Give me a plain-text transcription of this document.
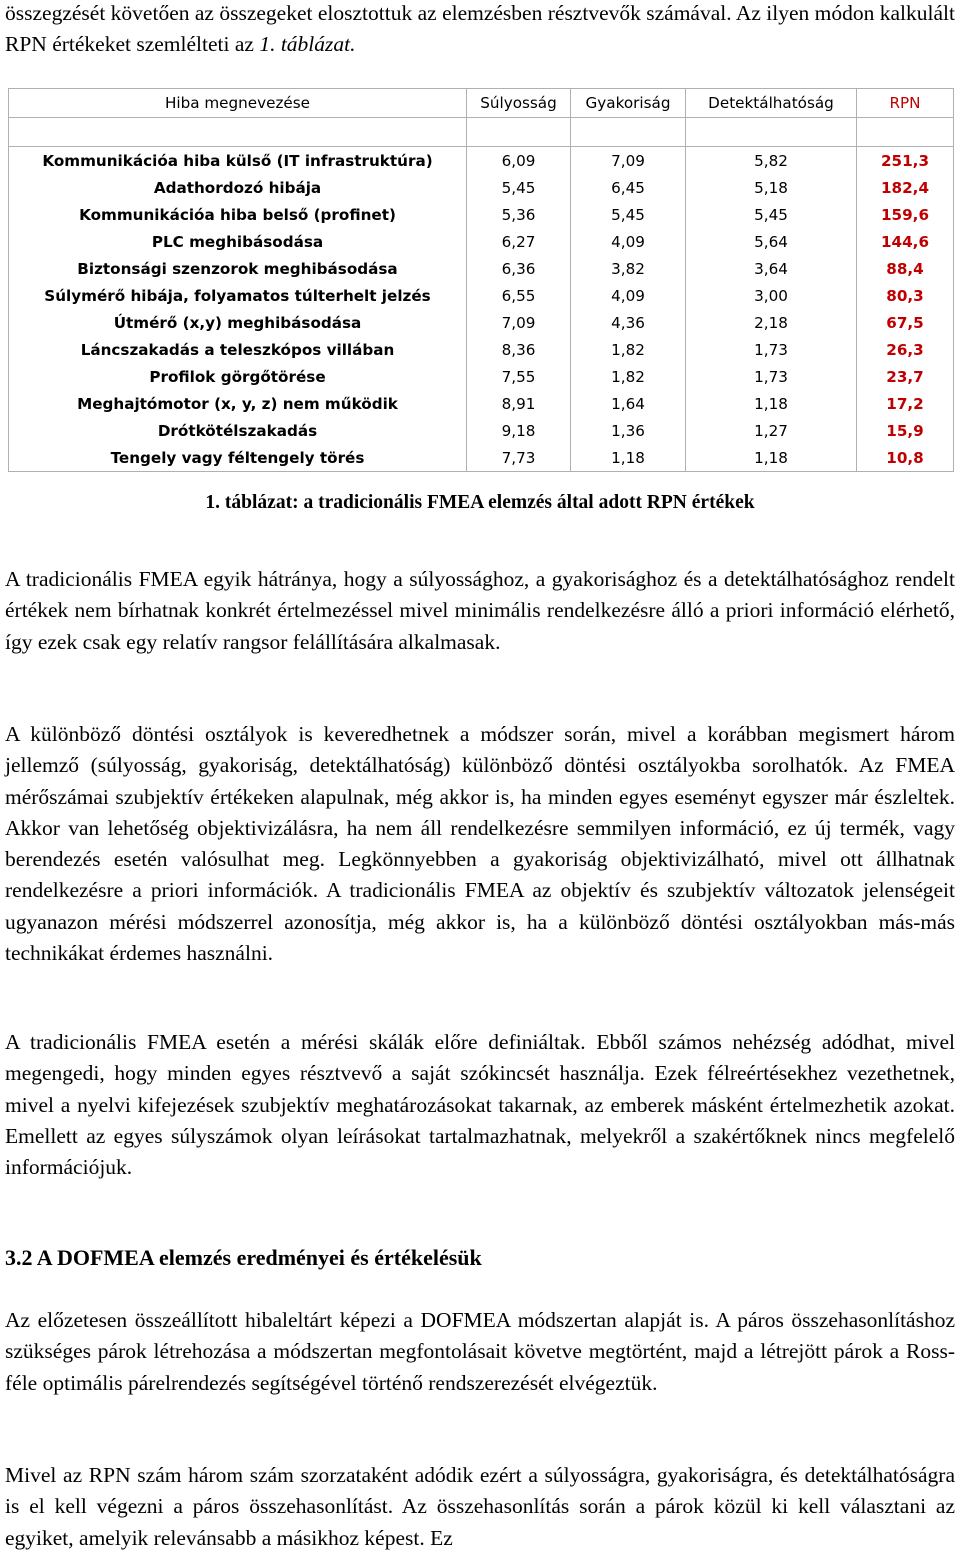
összegzését követően az összegeket elosztottuk az elemzésben résztvevők számával. Az ilyen módon kalkulált RPN értékeket szemlélteti az 1. táblázat.

Hiba megnevezése	Súlyosság	Gyakoriság	Detektálhatóság	RPN

Kommunikációa hiba külső (IT infrastruktúra)	6,09	7,09	5,82	251,3
Adathordozó hibája	5,45	6,45	5,18	182,4
Kommunikációa hiba belső (profinet)	5,36	5,45	5,45	159,6
PLC meghibásodása	6,27	4,09	5,64	144,6
Biztonsági szenzorok meghibásodása	6,36	3,82	3,64	88,4
Súlymérő hibája, folyamatos túlterhelt jelzés	6,55	4,09	3,00	80,3
Útmérő (x,y) meghibásodása	7,09	4,36	2,18	67,5
Láncszakadás a teleszkópos villában	8,36	1,82	1,73	26,3
Profilok görgőtörése	7,55	1,82	1,73	23,7
Meghajtómotor (x, y, z) nem működik	8,91	1,64	1,18	17,2
Drótkötélszakadás	9,18	1,36	1,27	15,9
Tengely vagy féltengely törés	7,73	1,18	1,18	10,8

1. táblázat: a tradicionális FMEA elemzés által adott RPN értékek

A tradicionális FMEA egyik hátránya, hogy a súlyossághoz, a gyakorisághoz és a detektálhatósághoz rendelt értékek nem bírhatnak konkrét értelmezéssel mivel minimális rendelkezésre álló a priori információ elérhető, így ezek csak egy relatív rangsor felállítására alkalmasak.

A különböző döntési osztályok is keveredhetnek a módszer során, mivel a korábban megismert három jellemző (súlyosság, gyakoriság, detektálhatóság) különböző döntési osztályokba sorolhatók. Az FMEA mérőszámai szubjektív értékeken alapulnak, még akkor is, ha minden egyes eseményt egyszer már észleltek. Akkor van lehetőség objektivizálásra, ha nem áll rendelkezésre semmilyen információ, ez új termék, vagy berendezés esetén valósulhat meg. Legkönnyebben a gyakoriság objektivizálható, mivel ott állhatnak rendelkezésre a priori információk. A tradicionális FMEA az objektív és szubjektív változatok jelenségeit ugyanazon mérési módszerrel azonosítja, még akkor is, ha a különböző döntési osztályokban más-más technikákat érdemes használni.

A tradicionális FMEA esetén a mérési skálák előre definiáltak. Ebből számos nehézség adódhat, mivel megengedi, hogy minden egyes résztvevő a saját szókincsét használja. Ezek félreértésekhez vezethetnek, mivel a nyelvi kifejezések szubjektív meghatározásokat takarnak, az emberek másként értelmezhetik azokat. Emellett az egyes súlyszámok olyan leírásokat tartalmazhatnak, melyekről a szakértőknek nincs megfelelő információjuk.

3.2 A DOFMEA elemzés eredményei és értékelésük

Az előzetesen összeállított hibaleltárt képezi a DOFMEA módszertan alapját is. A páros összehasonlításhoz szükséges párok létrehozása a módszertan megfontolásait követve megtörtént, majd a létrejött párok a Ross- féle optimális párelrendezés segítségével történő rendszerezését elvégeztük.

Mivel az RPN szám három szám szorzataként adódik ezért a súlyosságra, gyakoriságra, és detektálhatóságra is el kell végezni a páros összehasonlítást. Az összehasonlítás során a párok közül ki kell választani az egyiket, amelyik relevánsabb a másikhoz képest. Ez
